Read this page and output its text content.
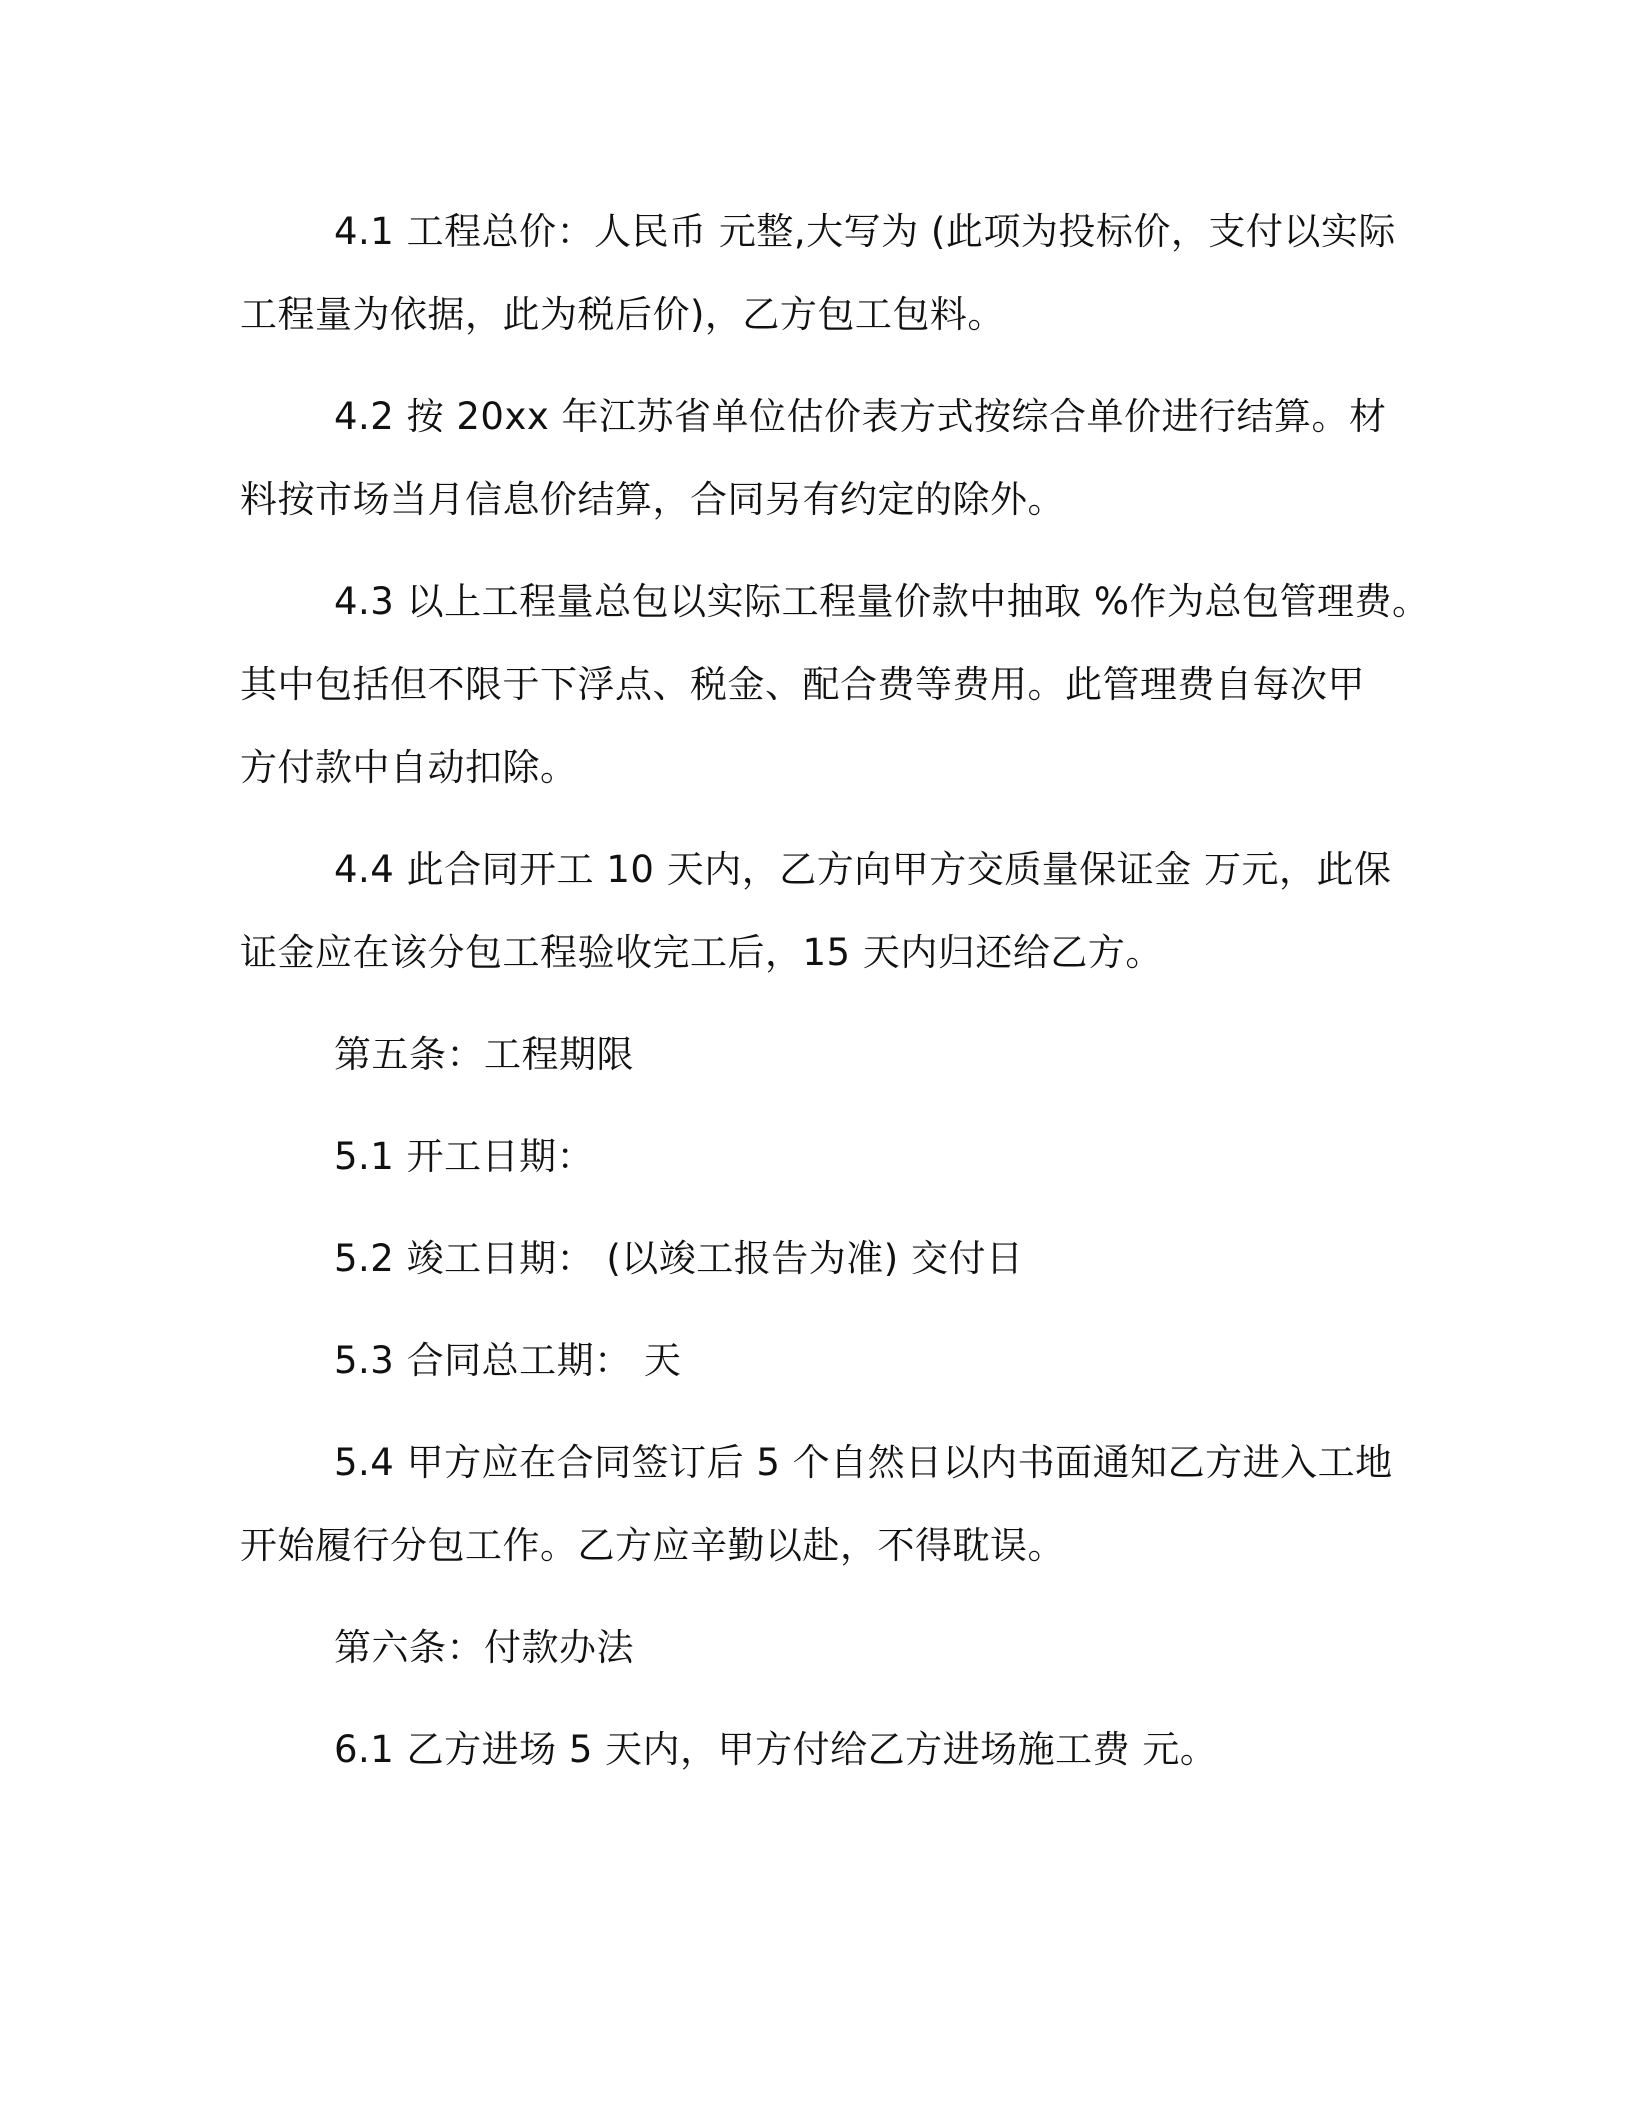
4.1 工程总价：人民币 元整,大写为 (此项为投标价，支付以实际
工程量为依据，此为税后价)，乙方包工包料。

4.2 按 20xx 年江苏省单位估价表方式按综合单价进行结算。材
料按市场当月信息价结算，合同另有约定的除外。

4.3 以上工程量总包以实际工程量价款中抽取 %作为总包管理费。
其中包括但不限于下浮点、税金、配合费等费用。此管理费自每次甲
方付款中自动扣除。

4.4 此合同开工 10 天内，乙方向甲方交质量保证金 万元，此保
证金应在该分包工程验收完工后，15 天内归还给乙方。

第五条：工程期限

5.1 开工日期：

5.2 竣工日期： (以竣工报告为准) 交付日

5.3 合同总工期： 天

5.4 甲方应在合同签订后 5 个自然日以内书面通知乙方进入工地
开始履行分包工作。乙方应辛勤以赴，不得耽误。

第六条：付款办法

6.1 乙方进场 5 天内，甲方付给乙方进场施工费 元。
